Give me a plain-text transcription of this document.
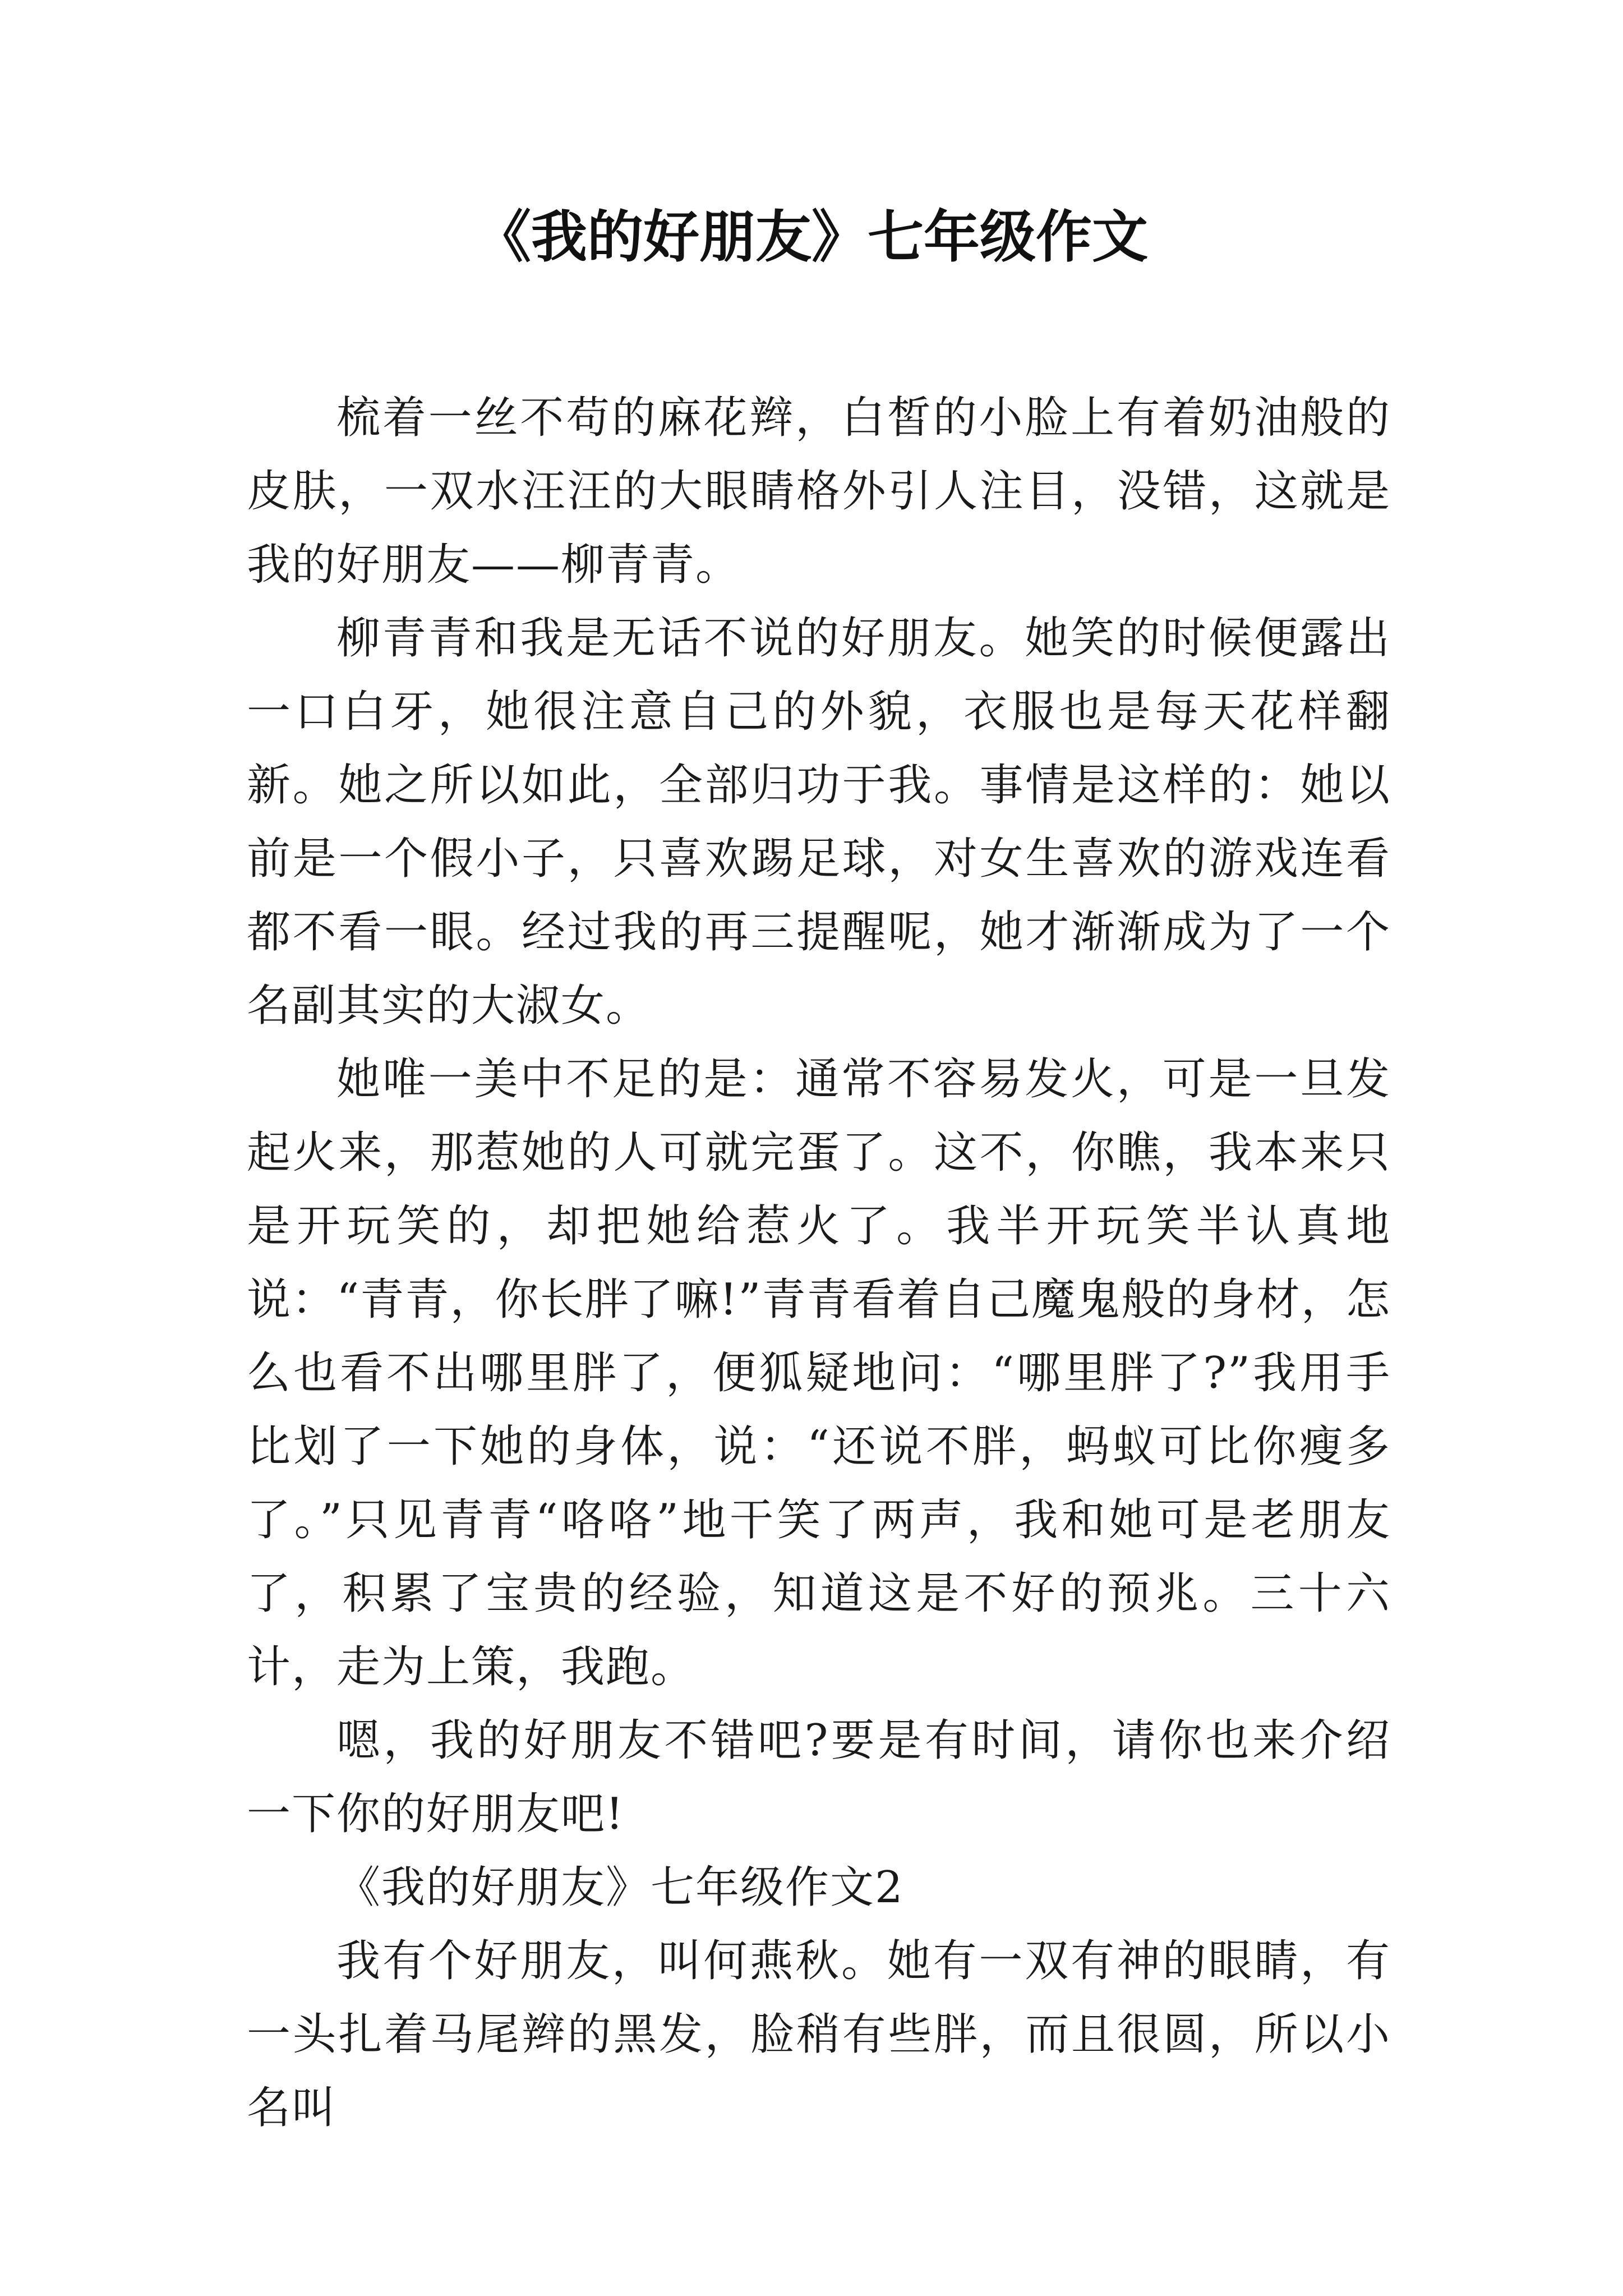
《我的好朋友》七年级作文

梳着一丝不苟的麻花辫，白皙的小脸上有着奶油般的皮肤，一双水汪汪的大眼睛格外引人注目，没错，这就是我的好朋友——柳青青。

柳青青和我是无话不说的好朋友。她笑的时候便露出一口白牙，她很注意自己的外貌，衣服也是每天花样翻新。她之所以如此，全部归功于我。事情是这样的：她以前是一个假小子，只喜欢踢足球，对女生喜欢的游戏连看都不看一眼。经过我的再三提醒呢，她才渐渐成为了一个名副其实的大淑女。

她唯一美中不足的是：通常不容易发火，可是一旦发起火来，那惹她的人可就完蛋了。这不，你瞧，我本来只是开玩笑的，却把她给惹火了。我半开玩笑半认真地说：“青青，你长胖了嘛!”青青看着自己魔鬼般的身材，怎么也看不出哪里胖了，便狐疑地问：“哪里胖了?”我用手比划了一下她的身体，说：“还说不胖，蚂蚁可比你瘦多了。”只见青青“咯咯”地干笑了两声，我和她可是老朋友了，积累了宝贵的经验，知道这是不好的预兆。三十六计，走为上策，我跑。

嗯，我的好朋友不错吧?要是有时间，请你也来介绍一下你的好朋友吧!

《我的好朋友》七年级作文2

我有个好朋友，叫何燕秋。她有一双有神的眼睛，有一头扎着马尾辫的黑发，脸稍有些胖，而且很圆，所以小名叫
